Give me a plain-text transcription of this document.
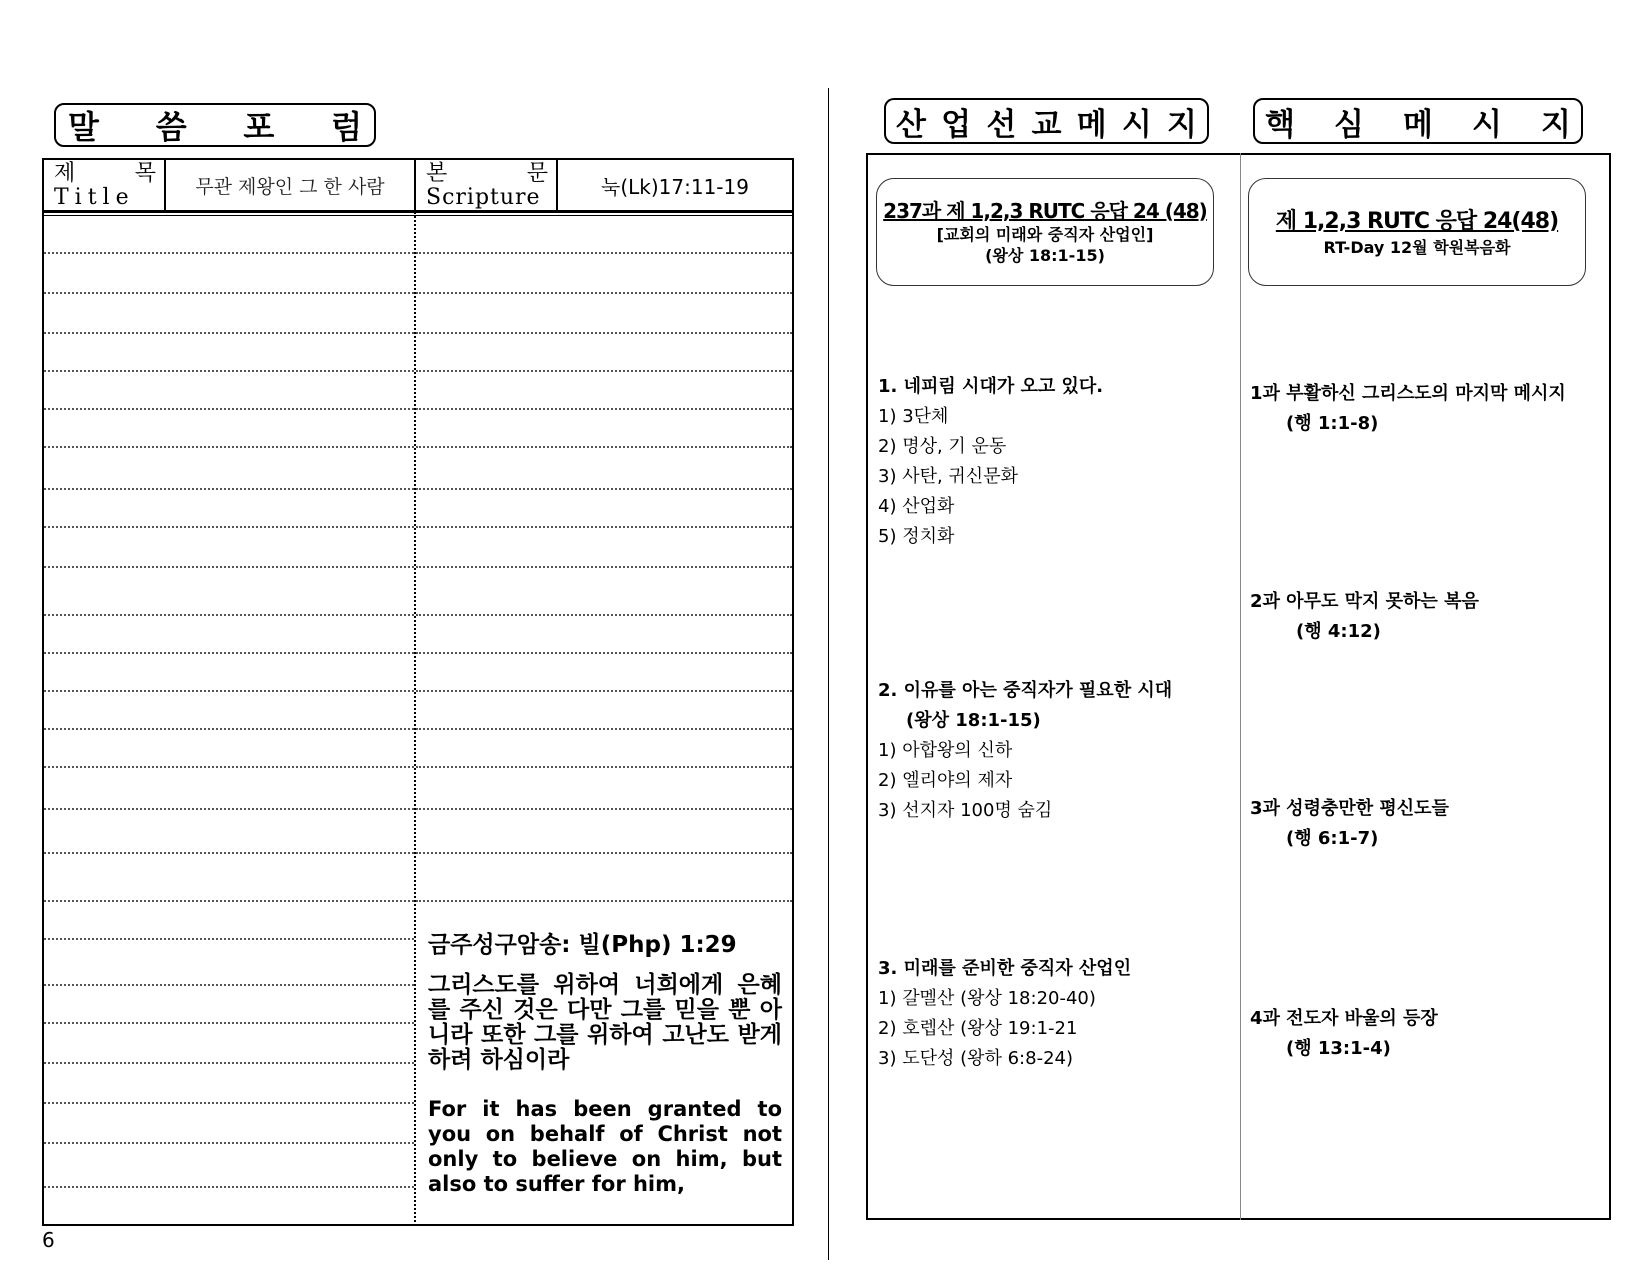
말 씀 포 럼
제	목
Title	무관 제왕인 그 한 사람
본	문
Scripture	눅(Lk)17:11-19
금주성구암송: 빌(Php) 1:29
그리스도를 위하여 너희에게 은혜를 주신 것은 다만 그를 믿을 뿐 아니라 또한 그를 위하여 고난도 받게 하려 하심이라
For it has been granted to you on behalf of Christ not only to believe on him, but also to suffer for him,
6
산 업 선 교 메 시 지 핵 심 메 시 지
237과 제 1,2,3 RUTC 응답 24 (48)
[교회의 미래와 중직자 산업인]
(왕상 18:1-15)
제 1,2,3 RUTC 응답 24(48)
RT-Day 12월 학원복음화
1. 네피림 시대가 오고 있다.
1) 3단체
2) 명상, 기 운동
3) 사탄, 귀신문화
4) 산업화
5) 정치화
2. 이유를 아는 중직자가 필요한 시대
(왕상 18:1-15)
1) 아합왕의 신하
2) 엘리야의 제자
3) 선지자 100명 숨김
3. 미래를 준비한 중직자 산업인
1) 갈멜산 (왕상 18:20-40)
2) 호렙산 (왕상 19:1-21
3) 도단성 (왕하 6:8-24)
1과 부활하신 그리스도의 마지막 메시지
(행 1:1-8)
2과 아무도 막지 못하는 복음
(행 4:12)
3과 성령충만한 평신도들
(행 6:1-7)
4과 전도자 바울의 등장
(행 13:1-4)
